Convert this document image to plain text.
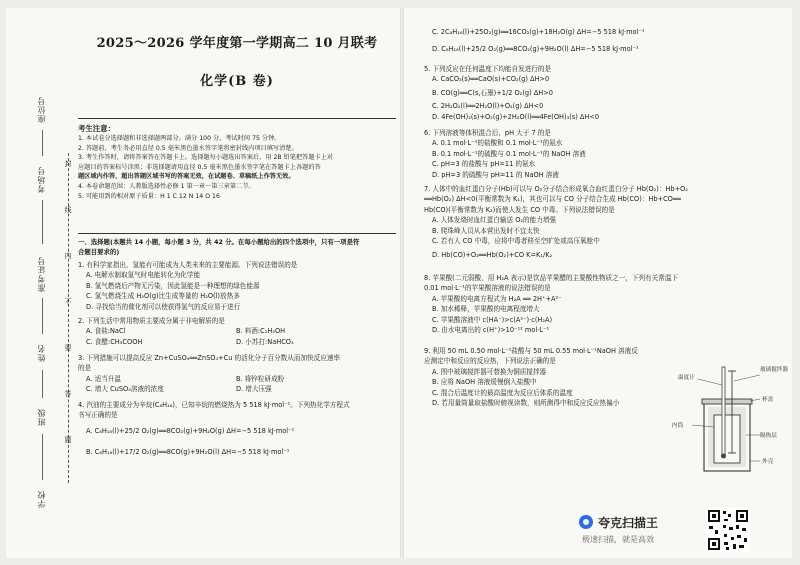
座位号
考场号
准考证号
姓名
班级
学校
封
线
内
不
要
答
题
2025～2026 学年度第一学期高二 10 月联考
化学(B 卷)
考生注意：
1. 本试卷分选择题和非选择题两部分。满分 100 分，考试时间 75 分钟。
2. 答题前，考生务必用直径 0.5 毫米黑色墨水签字笔将密封线内项目填写清楚。
3. 考生作答时，请将答案答在答题卡上。选择题每小题选出答案后，用 2B 铅笔把答题卡上对
应题目的答案标号涂黑；非选择题请用直径 0.5 毫米黑色墨水签字笔在答题卡上各题的答
题区域内作答，超出答题区域书写的答案无效，在试题卷、草稿纸上作答无效。
4. 本卷命题范围：人教版选择性必修 1 第一章～第三章第二节。
5. 可能用到的相对原子质量：H 1 C 12 N 14 O 16
一、选择题(本题共 14 小题，每小题 3 分，共 42 分。在每小题给出的四个选项中，只有一项是符
合题目要求的)
1. 有科学家指出，氢能有可能成为人类未来的主要能源。下列说法错误的是
A. 电解水制取氢气时电能转化为化学能
B. 氢气燃烧后产物无污染，因此氢能是一种理想的绿色能源
C. 氢气燃烧生成 H₂O(g)比生成等量的 H₂O(l)放热多
D. 寻找恰当的催化剂可以使获得氢气的反应易于进行
2. 下列生活中常用物质主要成分属于非电解质的是
A. 食盐:NaCl	B. 料酒:C₂H₅OH
C. 食醋:CH₃COOH	D. 小苏打:NaHCO₃
3. 下列措施可以提高反应 Zn+CuSO₄══ZnSO₄+Cu 的活化分子百分数从而加快反应速率
的是
A. 适当升温	B. 将锌粒研成粉
C. 增大 CuSO₄溶液的浓度	D. 增大压强
4. 汽油的主要成分为辛烷(C₈H₁₈)，已知辛烷的燃烧热为 5 518 kJ·mol⁻¹。下列热化学方程式
书写正确的是
A. C₈H₁₈(l)+25/2 O₂(g)══8CO₂(g)+9H₂O(g) ΔH=−5 518 kJ·mol⁻¹
B. C₈H₁₈(l)+17/2 O₂(g)══8CO(g)+9H₂O(l) ΔH=−5 518 kJ·mol⁻¹
C. 2C₈H₁₈(l)+25O₂(g)══16CO₂(g)+18H₂O(g) ΔH=−5 518 kJ·mol⁻¹
D. C₈H₁₈(l)+25/2 O₂(g)══8CO₂(g)+9H₂O(l) ΔH=−5 518 kJ·mol⁻¹
5. 下列反应在任何温度下均能自发进行的是
A. CaCO₃(s)══CaO(s)+CO₂(g) ΔH>0
B. CO(g)══C(s,石墨)+1/2 O₂(g) ΔH>0
C. 2H₂O₂(l)══2H₂O(l)+O₂(g) ΔH<0
D. 4Fe(OH)₂(s)+O₂(g)+2H₂O(l)══4Fe(OH)₃(s) ΔH<0
6. 下列溶液等体积混合后，pH 大于 7 的是
A. 0.1 mol·L⁻¹的盐酸和 0.1 mol·L⁻¹的氨水
B. 0.1 mol·L⁻¹的硫酸与 0.1 mol·L⁻¹的 NaOH 溶液
C. pH=3 的盐酸与 pH=11 的氨水
D. pH=3 的硫酸与 pH=11 的 NaOH 溶液
7. 人体中的血红蛋白分子(Hb)可以与 O₂分子结合形成氧合血红蛋白分子 Hb(O₂)：Hb+O₂
══Hb(O₂) ΔH<0(平衡常数为 K₁)，其也可以与 CO 分子结合生成 Hb(CO)：Hb+CO══
Hb(CO)(平衡常数为 K₂)而使人发生 CO 中毒。下列说法错误的是
A. 人体发烧时血红蛋白输送 O₂的能力增强
B. 爬珠峰人员从本营出发时不宜太快
C. 若有人 CO 中毒，应将中毒者移至空旷处或高压氧舱中
D. Hb(CO)+O₂══Hb(O₂)+CO K=K₁/K₂
8. 苹果酸(二元弱酸，用 H₂A 表示)是饮品苹果醋的主要酸性物质之一，下列有关常温下
0.01 mol·L⁻¹的苹果酸溶液的说法错误的是
A. 苹果酸的电离方程式为 H₂A ══ 2H⁺+A²⁻
B. 加水稀释，苹果酸的电离程度增大
C. 苹果酸溶液中 c(HA⁻)>c(A²⁻)·c(H₂A)
D. 由水电离出的 c(H⁺)>10⁻¹² mol·L⁻¹
9. 利用 50 mL 0.50 mol·L⁻¹盐酸与 50 mL 0.55 mol·L⁻¹NaOH 溶液反
应测定中和反应的反应热，下列说法正确的是
A. 图中玻璃搅拌器可替换为铜质搅拌器
B. 应将 NaOH 溶液缓慢倒入盐酸中
C. 混合后温度计的最高温度为反应后体系的温度
D. 若用量筒量取盐酸时俯视读数，则所测得中和反应反应热偏小
温度计
玻璃搅拌器
杯盖
内筒
隔热层
外壳
夸克扫描王
极速扫描，就是高效
